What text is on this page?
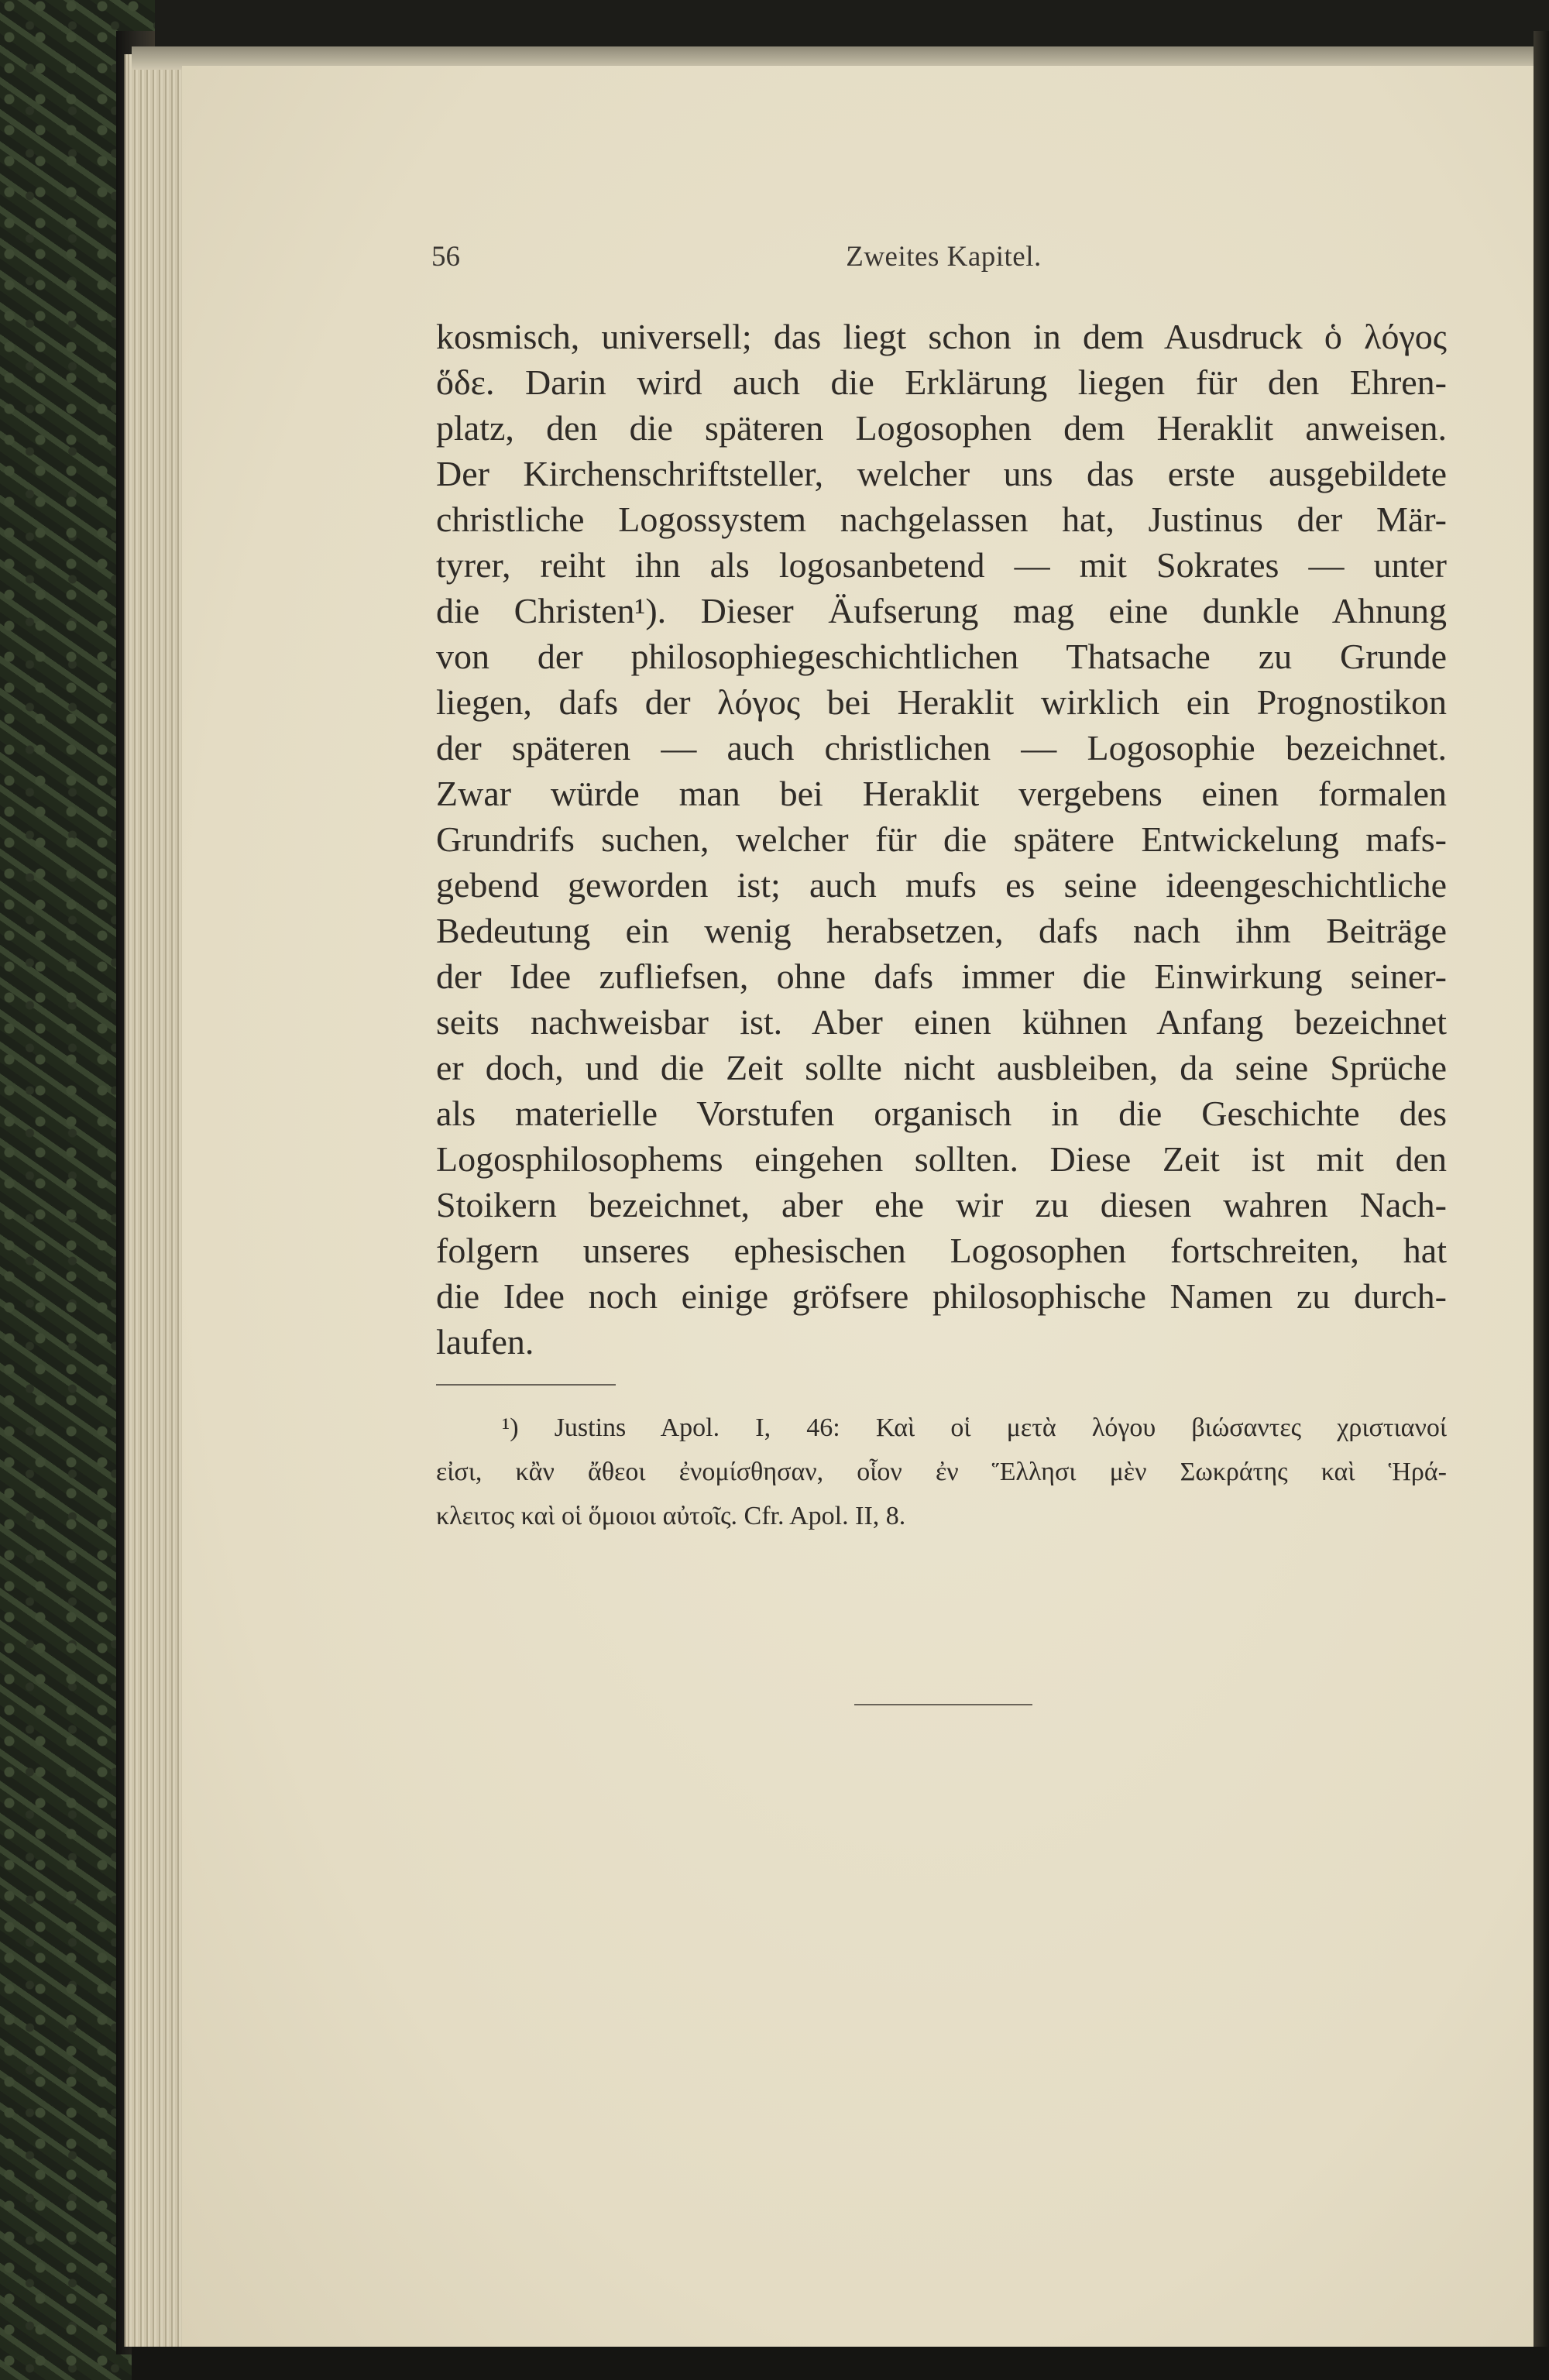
56	Zweites Kapitel.
kosmisch, universell; das liegt schon in dem Ausdruck ὁ λόγος
ὅδε. Darin wird auch die Erklärung liegen für den Ehren-
platz, den die späteren Logosophen dem Heraklit anweisen.
Der Kirchenschriftsteller, welcher uns das erste ausgebildete
christliche Logossystem nachgelassen hat, Justinus der Mär-
tyrer, reiht ihn als logosanbetend — mit Sokrates — unter
die Christen¹). Dieser Äufserung mag eine dunkle Ahnung
von der philosophiegeschichtlichen Thatsache zu Grunde
liegen, dafs der λόγος bei Heraklit wirklich ein Prognostikon
der späteren — auch christlichen — Logosophie bezeichnet.
Zwar würde man bei Heraklit vergebens einen formalen
Grundrifs suchen, welcher für die spätere Entwickelung mafs-
gebend geworden ist; auch mufs es seine ideengeschichtliche
Bedeutung ein wenig herabsetzen, dafs nach ihm Beiträge
der Idee zufliefsen, ohne dafs immer die Einwirkung seiner-
seits nachweisbar ist. Aber einen kühnen Anfang bezeichnet
er doch, und die Zeit sollte nicht ausbleiben, da seine Sprüche
als materielle Vorstufen organisch in die Geschichte des
Logosphilosophems eingehen sollten. Diese Zeit ist mit den
Stoikern bezeichnet, aber ehe wir zu diesen wahren Nach-
folgern unseres ephesischen Logosophen fortschreiten, hat
die Idee noch einige gröfsere philosophische Namen zu durch-
laufen.
¹) Justins Apol. I, 46: Καὶ οἱ μετὰ λόγου βιώσαντες χριστιανοί
εἰσι, κἂν ἄθεοι ἐνομίσθησαν, οἷον ἐν Ἕλλησι μὲν Σωκράτης καὶ Ἡρά-
κλειτος καὶ οἱ ὅμοιοι αὐτοῖς. Cfr. Apol. II, 8.
